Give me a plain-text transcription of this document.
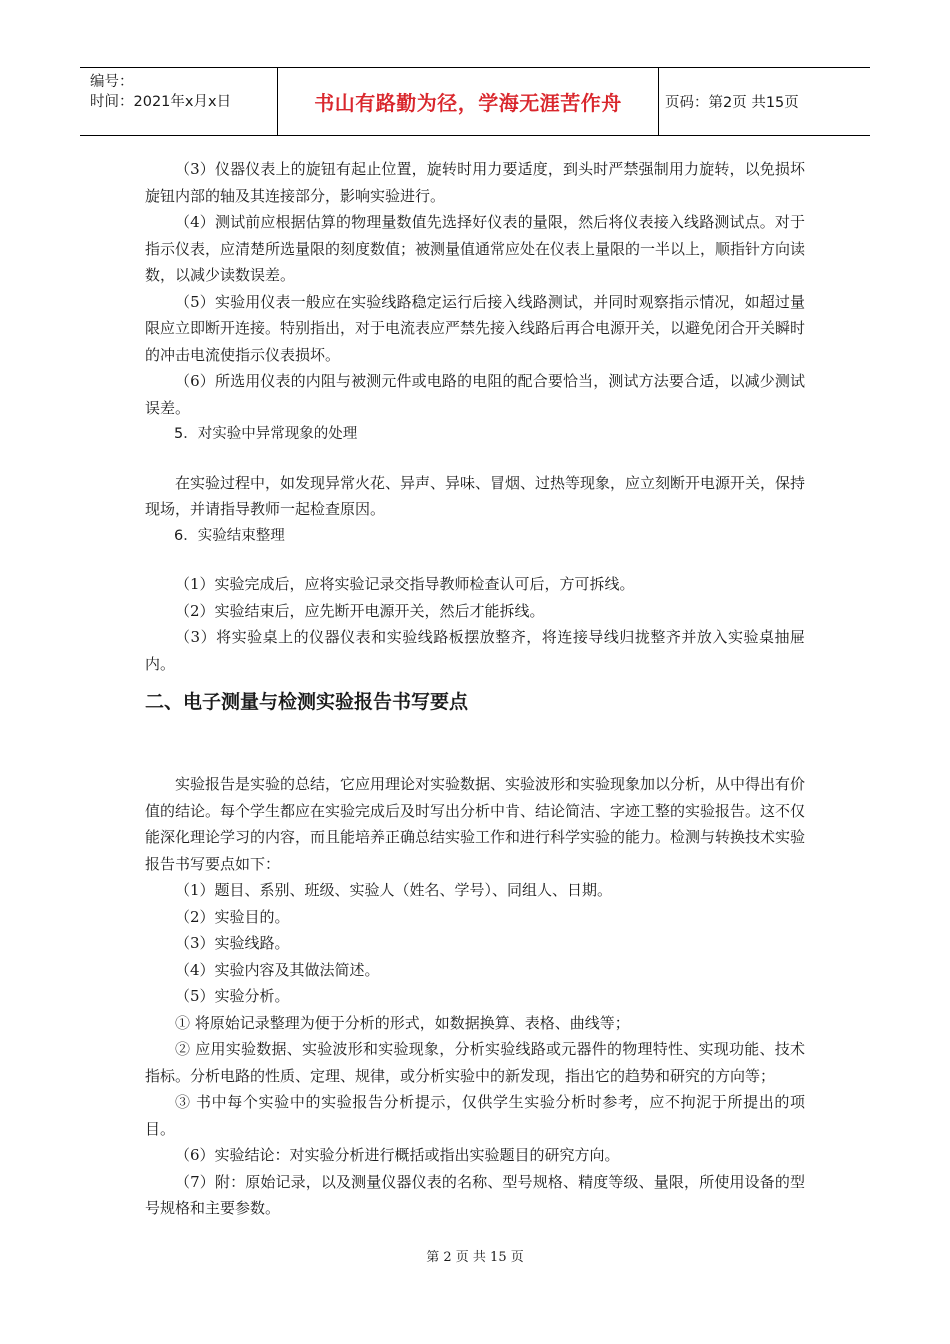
编号：
时间：2021年x月x日	书山有路勤为径，学海无涯苦作舟	页码：第2页 共15页

（3）仪器仪表上的旋钮有起止位置，旋转时用力要适度，到头时严禁强制用力旋转，以免损坏旋钮内部的轴及其连接部分，影响实验进行。

（4）测试前应根据估算的物理量数值先选择好仪表的量限，然后将仪表接入线路测试点。对于指示仪表，应清楚所选量限的刻度数值；被测量值通常应处在仪表上量限的一半以上，顺指针方向读数，以减少读数误差。

（5）实验用仪表一般应在实验线路稳定运行后接入线路测试，并同时观察指示情况，如超过量限应立即断开连接。特别指出，对于电流表应严禁先接入线路后再合电源开关，以避免闭合开关瞬时的冲击电流使指示仪表损坏。

（6）所选用仪表的内阻与被测元件或电路的电阻的配合要恰当，测试方法要合适，以减少测试误差。

5．对实验中异常现象的处理

在实验过程中，如发现异常火花、异声、异味、冒烟、过热等现象，应立刻断开电源开关，保持现场，并请指导教师一起检查原因。

6．实验结束整理

（1）实验完成后，应将实验记录交指导教师检查认可后，方可拆线。

（2）实验结束后，应先断开电源开关，然后才能拆线。

（3）将实验桌上的仪器仪表和实验线路板摆放整齐，将连接导线归拢整齐并放入实验桌抽屉内。

二、电子测量与检测实验报告书写要点

实验报告是实验的总结，它应用理论对实验数据、实验波形和实验现象加以分析，从中得出有价值的结论。每个学生都应在实验完成后及时写出分析中肯、结论简洁、字迹工整的实验报告。这不仅能深化理论学习的内容，而且能培养正确总结实验工作和进行科学实验的能力。检测与转换技术实验报告书写要点如下：

（1）题目、系别、班级、实验人（姓名、学号）、同组人、日期。

（2）实验目的。

（3）实验线路。

（4）实验内容及其做法简述。

（5）实验分析。

① 将原始记录整理为便于分析的形式，如数据换算、表格、曲线等；

② 应用实验数据、实验波形和实验现象，分析实验线路或元器件的物理特性、实现功能、技术指标。分析电路的性质、定理、规律，或分析实验中的新发现，指出它的趋势和研究的方向等；

③ 书中每个实验中的实验报告分析提示，仅供学生实验分析时参考，应不拘泥于所提出的项目。

（6）实验结论：对实验分析进行概括或指出实验题目的研究方向。

（7）附：原始记录，以及测量仪器仪表的名称、型号规格、精度等级、量限，所使用设备的型号规格和主要参数。

第 2 页 共 15 页
